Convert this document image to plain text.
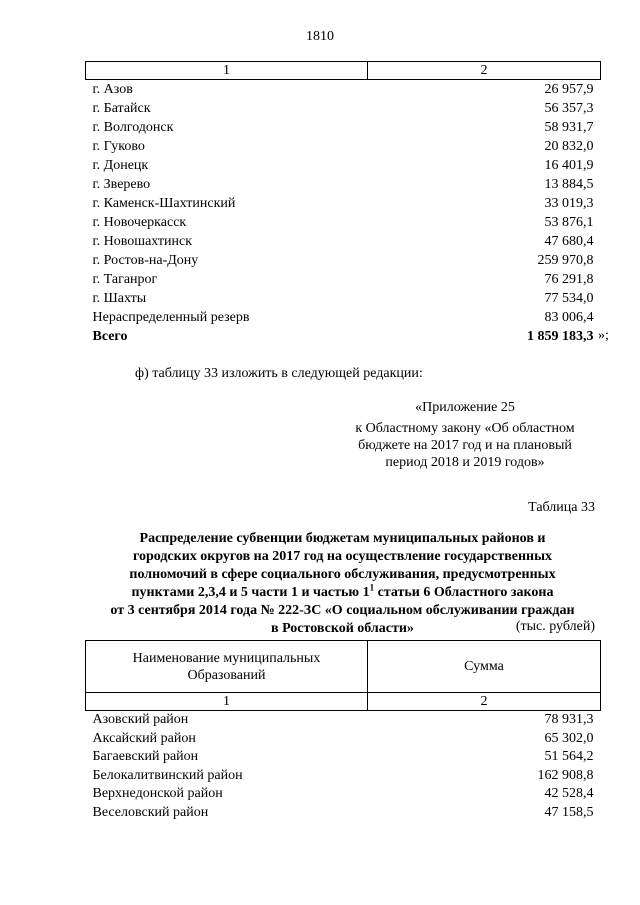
1810
1	2
г. Азов	26 957,9
г. Батайск	56 357,3
г. Волгодонск	58 931,7
г. Гуково	20 832,0
г. Донецк	16 401,9
г. Зверево	13 884,5
г. Каменск-Шахтинский	33 019,3
г. Новочеркасск	53 876,1
г. Новошахтинск	47 680,4
г. Ростов-на-Дону	259 970,8
г. Таганрог	76 291,8
г. Шахты	77 534,0
Нераспределенный резерв	83 006,4
Всего	1 859 183,3 »;
ф) таблицу 33 изложить в следующей редакции:
«Приложение 25
к Областному закону «Об областном
бюджете на 2017 год и на плановый
период 2018 и 2019 годов»
Таблица 33
Распределение субвенции бюджетам муниципальных районов и
городских округов на 2017 год на осуществление государственных
полномочий в сфере социального обслуживания, предусмотренных
пунктами 2,3,4 и 5 части 1 и частью $1^1$ статьи 6 Областного закона
от 3 сентября 2014 года № 222-ЗС «О социальном обслуживании граждан
в Ростовской области»	(тыс. рублей)
Наименование муниципальных
Образований	Сумма
1	2
Азовский район	78 931,3
Аксайский район	65 302,0
Багаевский район	51 564,2
Белокалитвинский район	162 908,8
Верхнедонской район	42 528,4
Веселовский район	47 158,5
